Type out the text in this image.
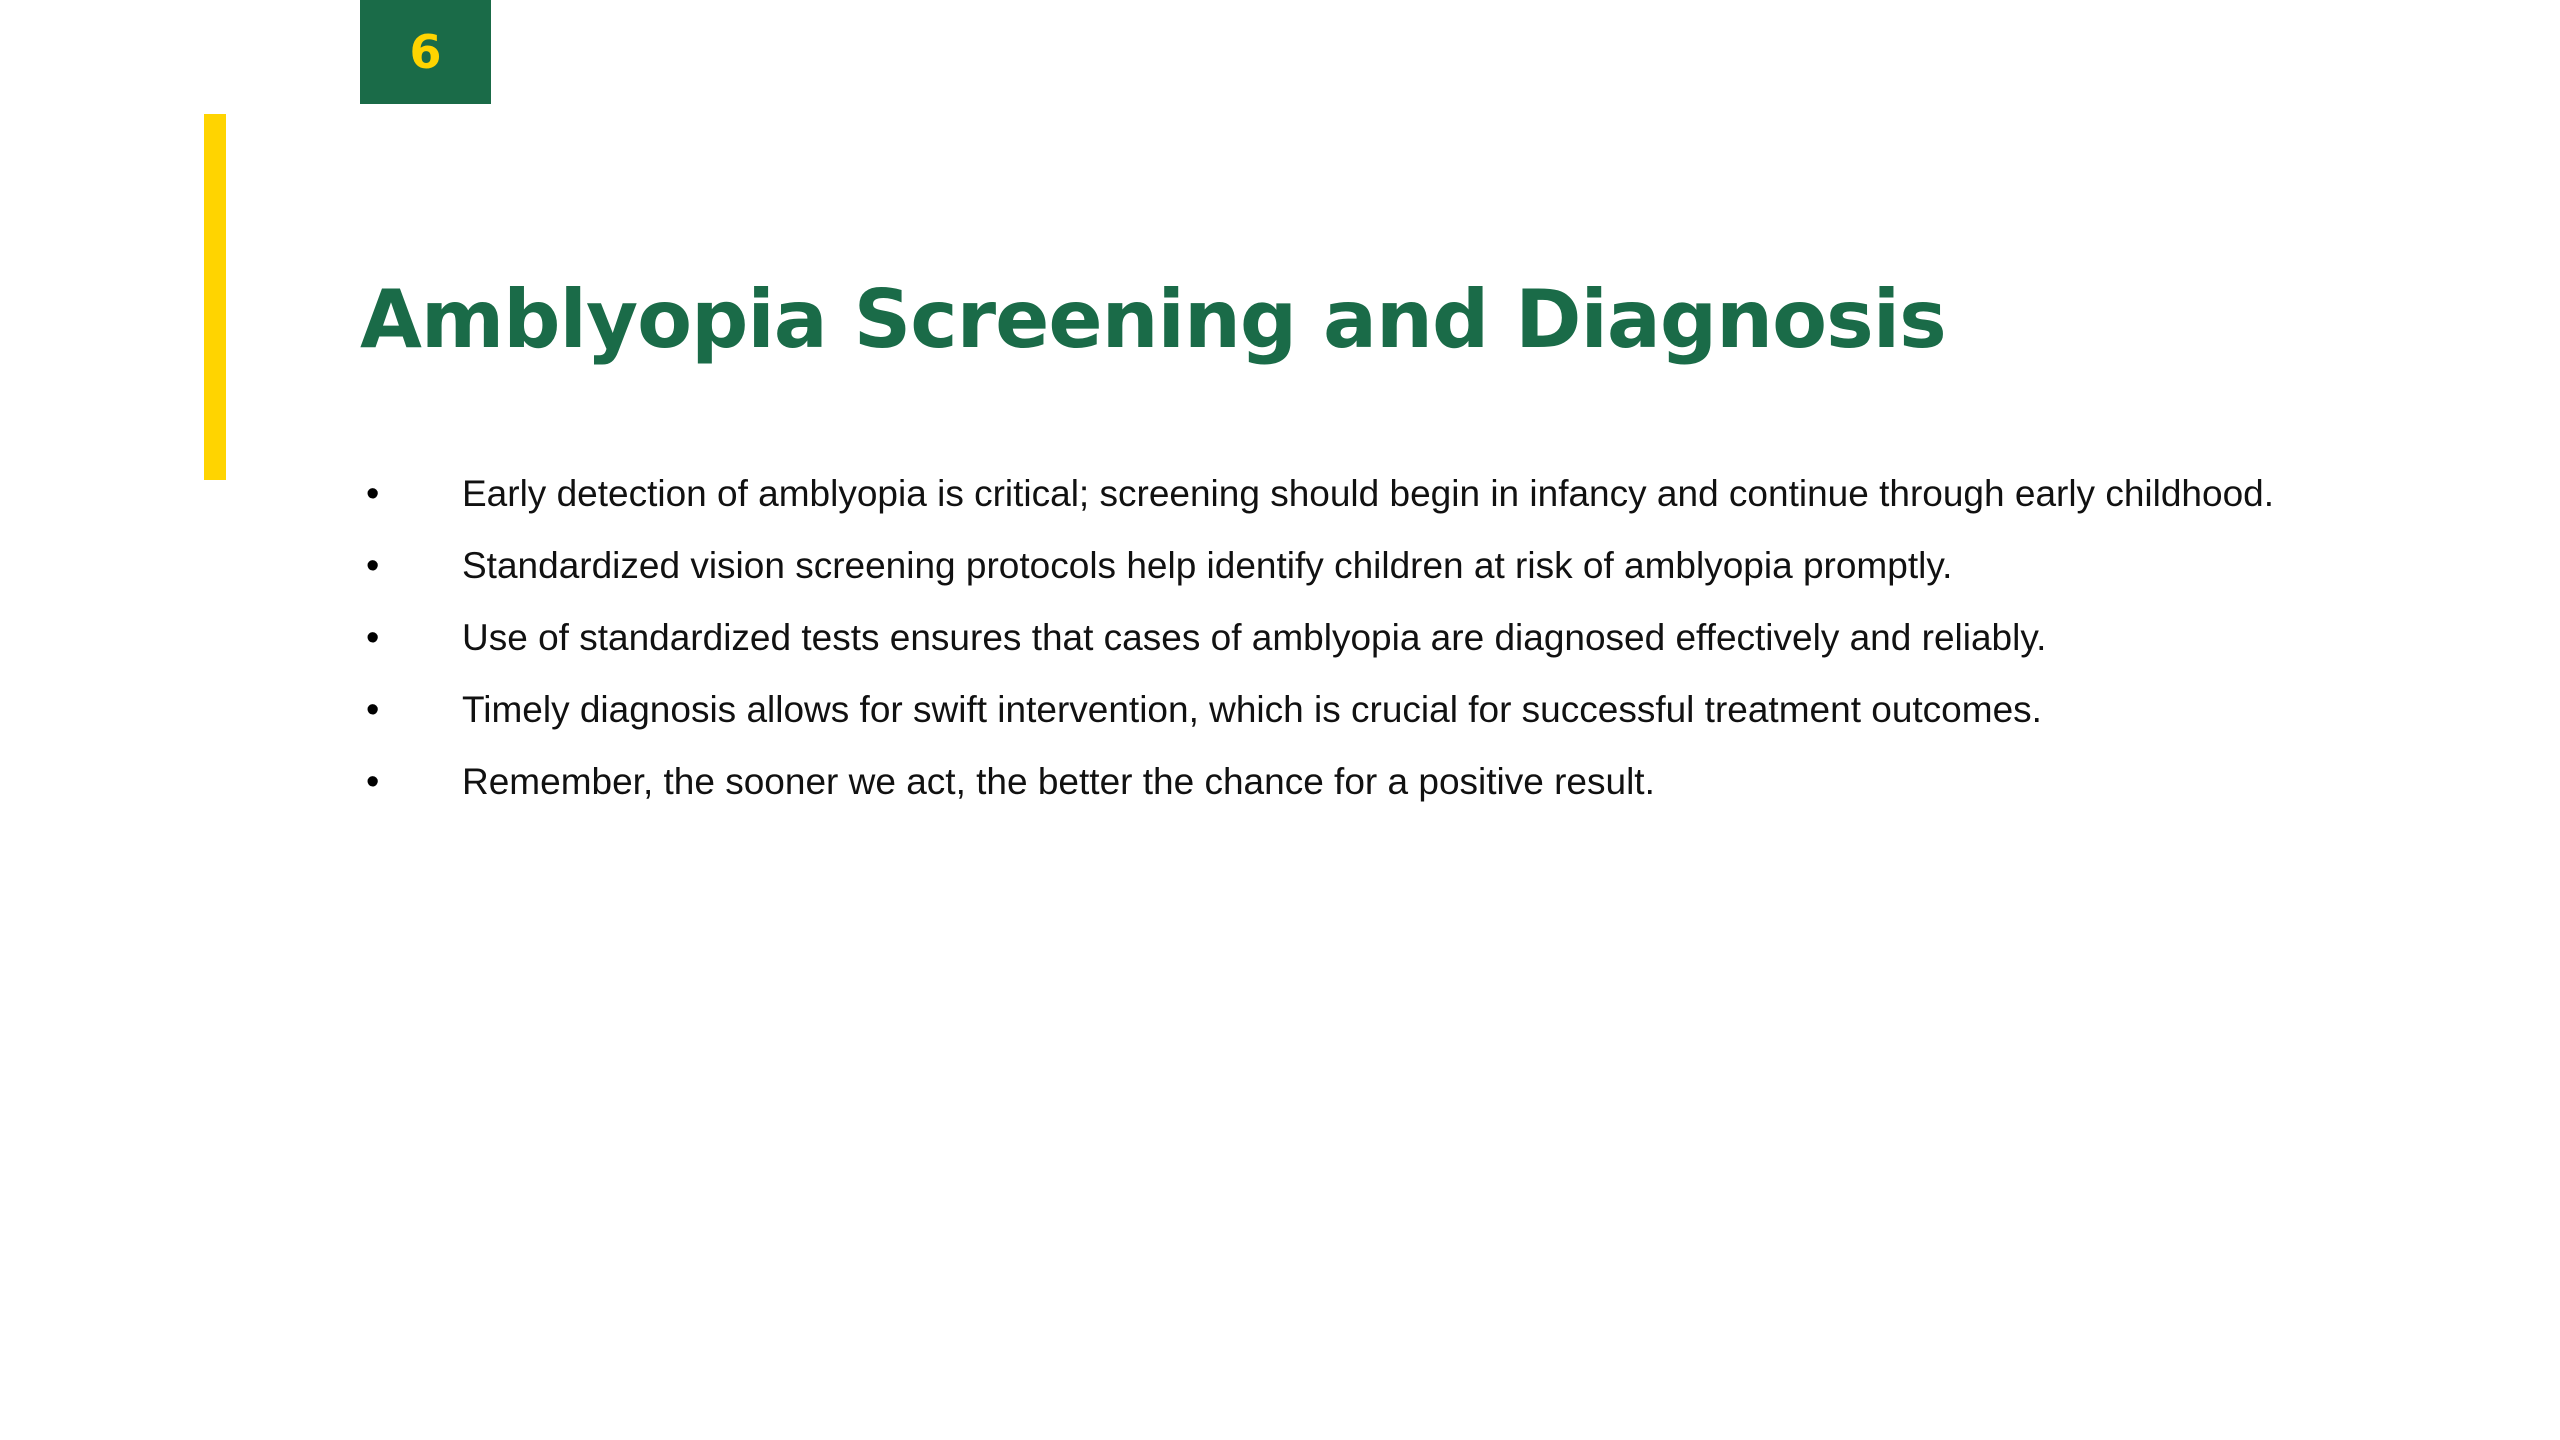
6
Amblyopia Screening and Diagnosis
•	Early detection of amblyopia is critical; screening should begin in infancy and continue through early childhood.
•	Standardized vision screening protocols help identify children at risk of amblyopia promptly.
•	Use of standardized tests ensures that cases of amblyopia are diagnosed effectively and reliably.
•	Timely diagnosis allows for swift intervention, which is crucial for successful treatment outcomes.
•	Remember, the sooner we act, the better the chance for a positive result.
